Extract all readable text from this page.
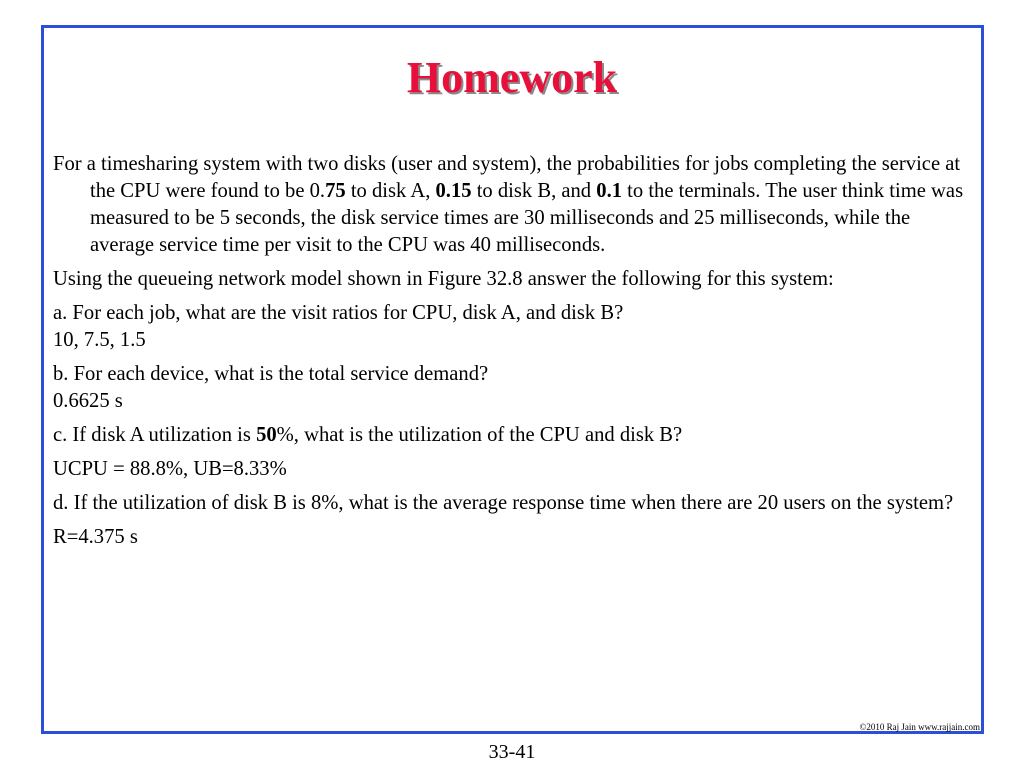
Homework

For a timesharing system with two disks (user and system), the probabilities for jobs completing the service at the CPU were found to be 0.75 to disk A, 0.15 to disk B, and 0.1 to the terminals. The user think time was measured to be 5 seconds, the disk service times are 30 milliseconds and 25 milliseconds, while the average service time per visit to the CPU was 40 milliseconds.

Using the queueing network model shown in Figure 32.8 answer the following for this system:

a. For each job, what are the visit ratios for CPU, disk A, and disk B?
10, 7.5, 1.5

b. For each device, what is the total service demand?
0.6625 s

c. If disk A utilization is 50%, what is the utilization of the CPU and disk B?

UCPU = 88.8%, UB=8.33%

d. If the utilization of disk B is 8%, what is the average response time when there are 20 users on the system?

R=4.375 s

©2010 Raj Jain www.rajjain.com
33-41
